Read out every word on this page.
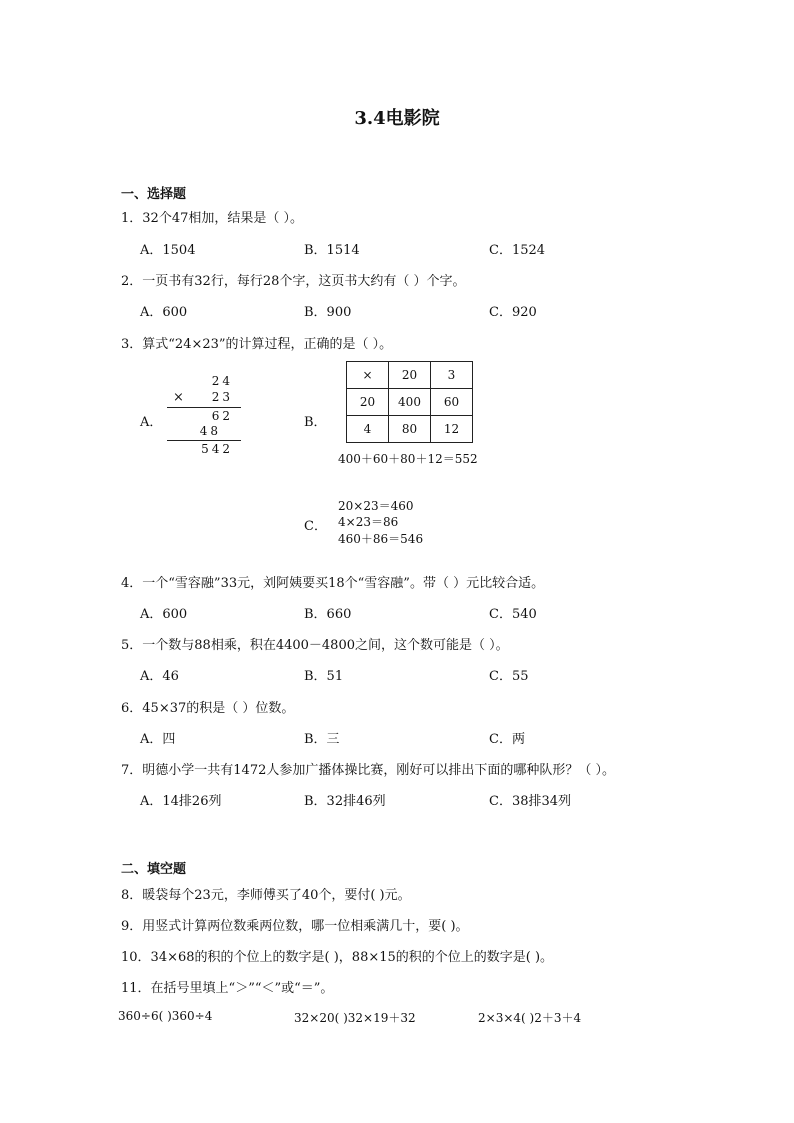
3.4电影院
一、选择题
1．32个47相加，结果是（ ）。
A．1504	B．1514	C．1524
2．一页书有32行，每行28个字，这页书大约有（ ）个字。
A．600	B．900	C．920
3．算式“24×23”的计算过程，正确的是（ ）。
A．
24
× 23
62
48
542
B．
×	20	3
20	400	60
4	80	12
400＋60＋80＋12＝552
C．
20×23＝460
4×23＝86
460＋86＝546
4．一个“雪容融”33元，刘阿姨要买18个“雪容融”。带（ ）元比较合适。
A．600	B．660	C．540
5．一个数与88相乘，积在4400－4800之间，这个数可能是（ ）。
A．46	B．51	C．55
6．45×37的积是（ ）位数。
A．四	B．三	C．两
7．明德小学一共有1472人参加广播体操比赛，刚好可以排出下面的哪种队形？（ ）。
A．14排26列	B．32排46列	C．38排34列
二、填空题
8．暖袋每个23元，李师傅买了40个，要付( )元。
9．用竖式计算两位数乘两位数，哪一位相乘满几十，要( )。
10．34×68的积的个位上的数字是( )，88×15的积的个位上的数字是( )。
11．在括号里填上“＞”“＜”或“＝”。
360÷6( )360÷4	32×20( )32×19＋32	2×3×4( )2＋3＋4
